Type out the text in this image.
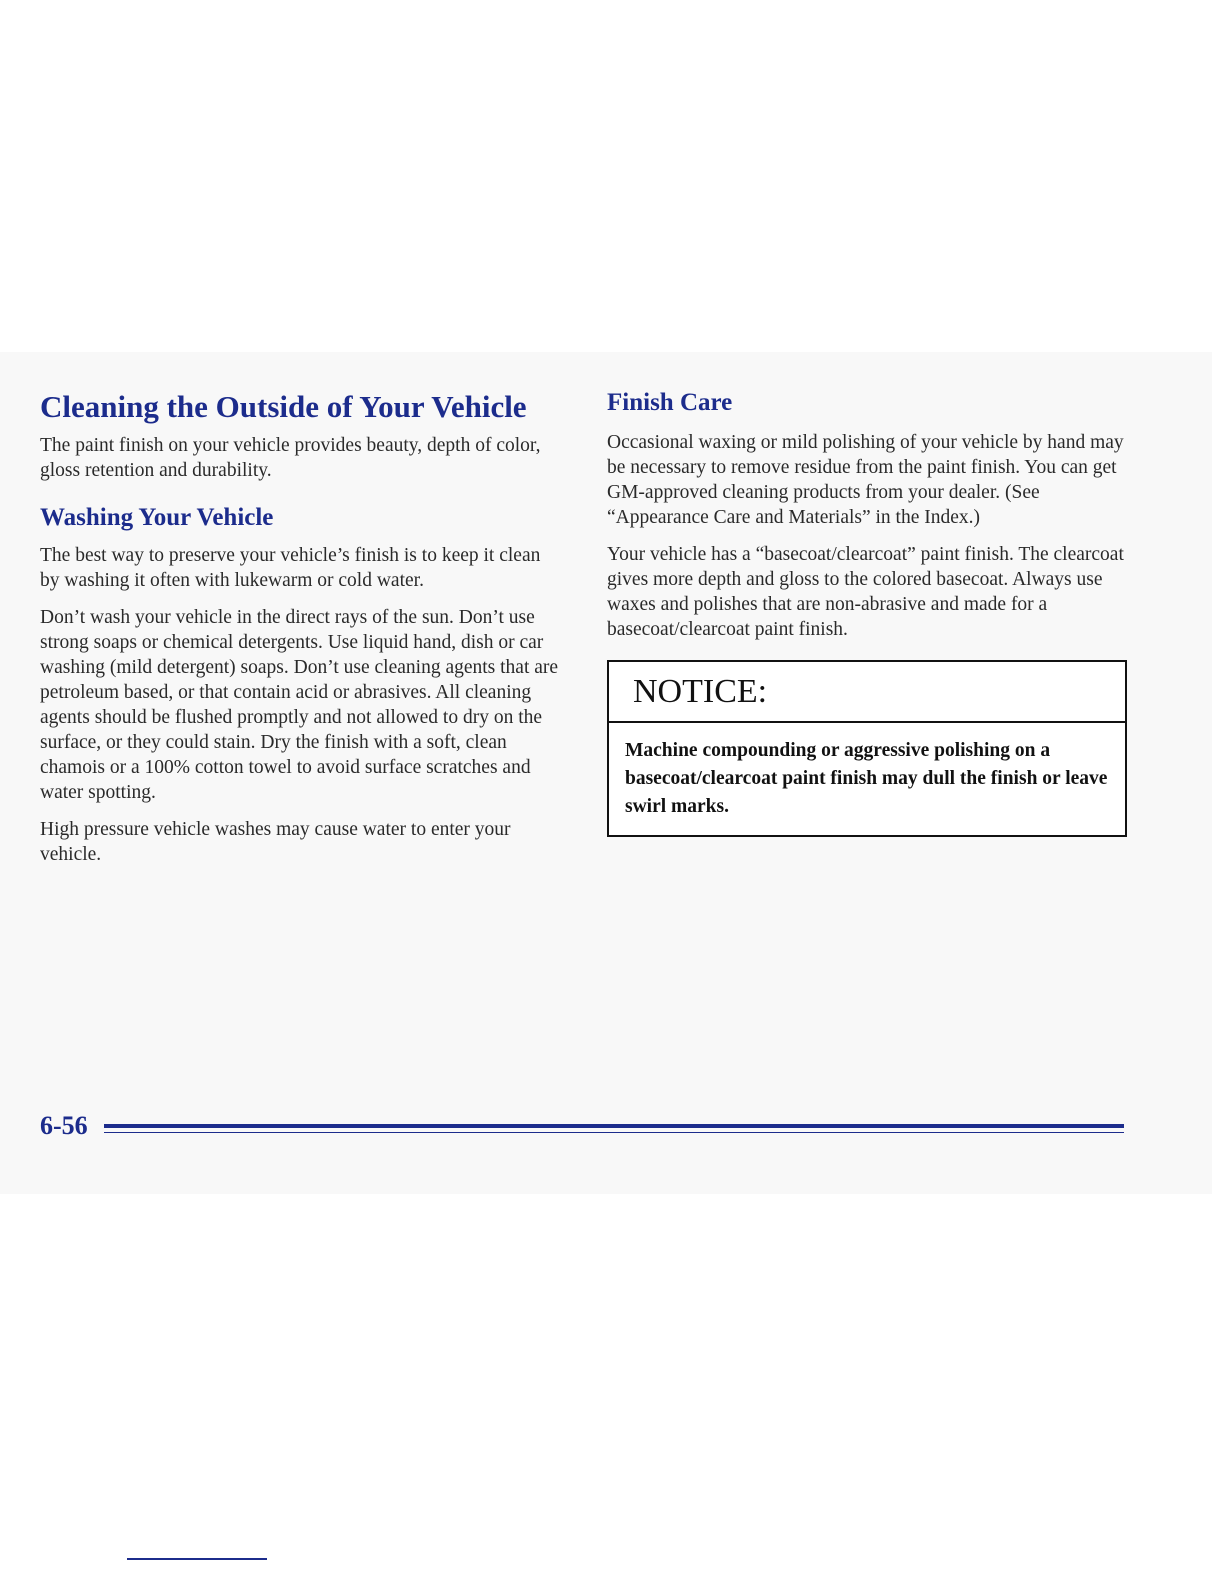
Cleaning the Outside of Your Vehicle

The paint finish on your vehicle provides beauty, depth of color, gloss retention and durability.

Washing Your Vehicle

The best way to preserve your vehicle’s finish is to keep it clean by washing it often with lukewarm or cold water.

Don’t wash your vehicle in the direct rays of the sun. Don’t use strong soaps or chemical detergents. Use liquid hand, dish or car washing (mild detergent) soaps. Don’t use cleaning agents that are petroleum based, or that contain acid or abrasives. All cleaning agents should be flushed promptly and not allowed to dry on the surface, or they could stain. Dry the finish with a soft, clean chamois or a 100% cotton towel to avoid surface scratches and water spotting.

High pressure vehicle washes may cause water to enter your vehicle.

Finish Care

Occasional waxing or mild polishing of your vehicle by hand may be necessary to remove residue from the paint finish. You can get GM-approved cleaning products from your dealer. (See “Appearance Care and Materials” in the Index.)

Your vehicle has a “basecoat/clearcoat” paint finish. The clearcoat gives more depth and gloss to the colored basecoat. Always use waxes and polishes that are non-abrasive and made for a basecoat/clearcoat paint finish.

NOTICE:
Machine compounding or aggressive polishing on a basecoat/clearcoat paint finish may dull the finish or leave swirl marks.
6-56
